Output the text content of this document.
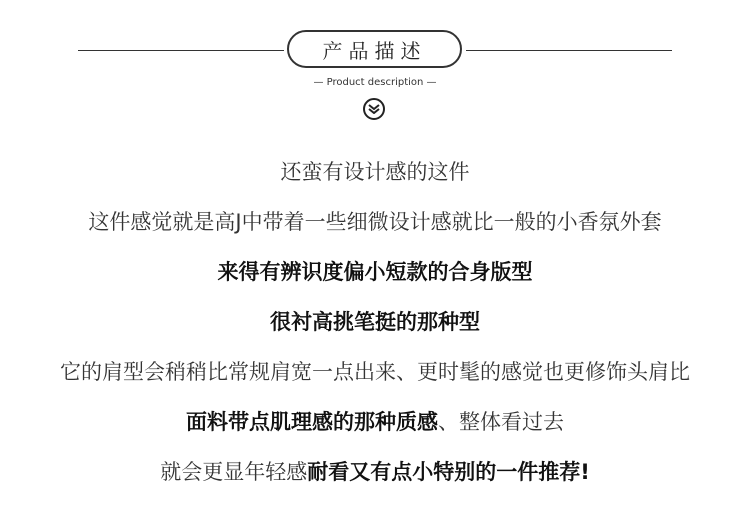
产品描述
— Product description —
还蛮有设计感的这件
这件感觉就是高J中带着一些细微设计感就比一般的小香氛外套
来得有辨识度偏小短款的合身版型
很衬高挑笔挺的那种型
它的肩型会稍稍比常规肩宽一点出来、更时髦的感觉也更修饰头肩比
面料带点肌理感的那种质感、整体看过去
就会更显年轻感耐看又有点小特别的一件推荐!
